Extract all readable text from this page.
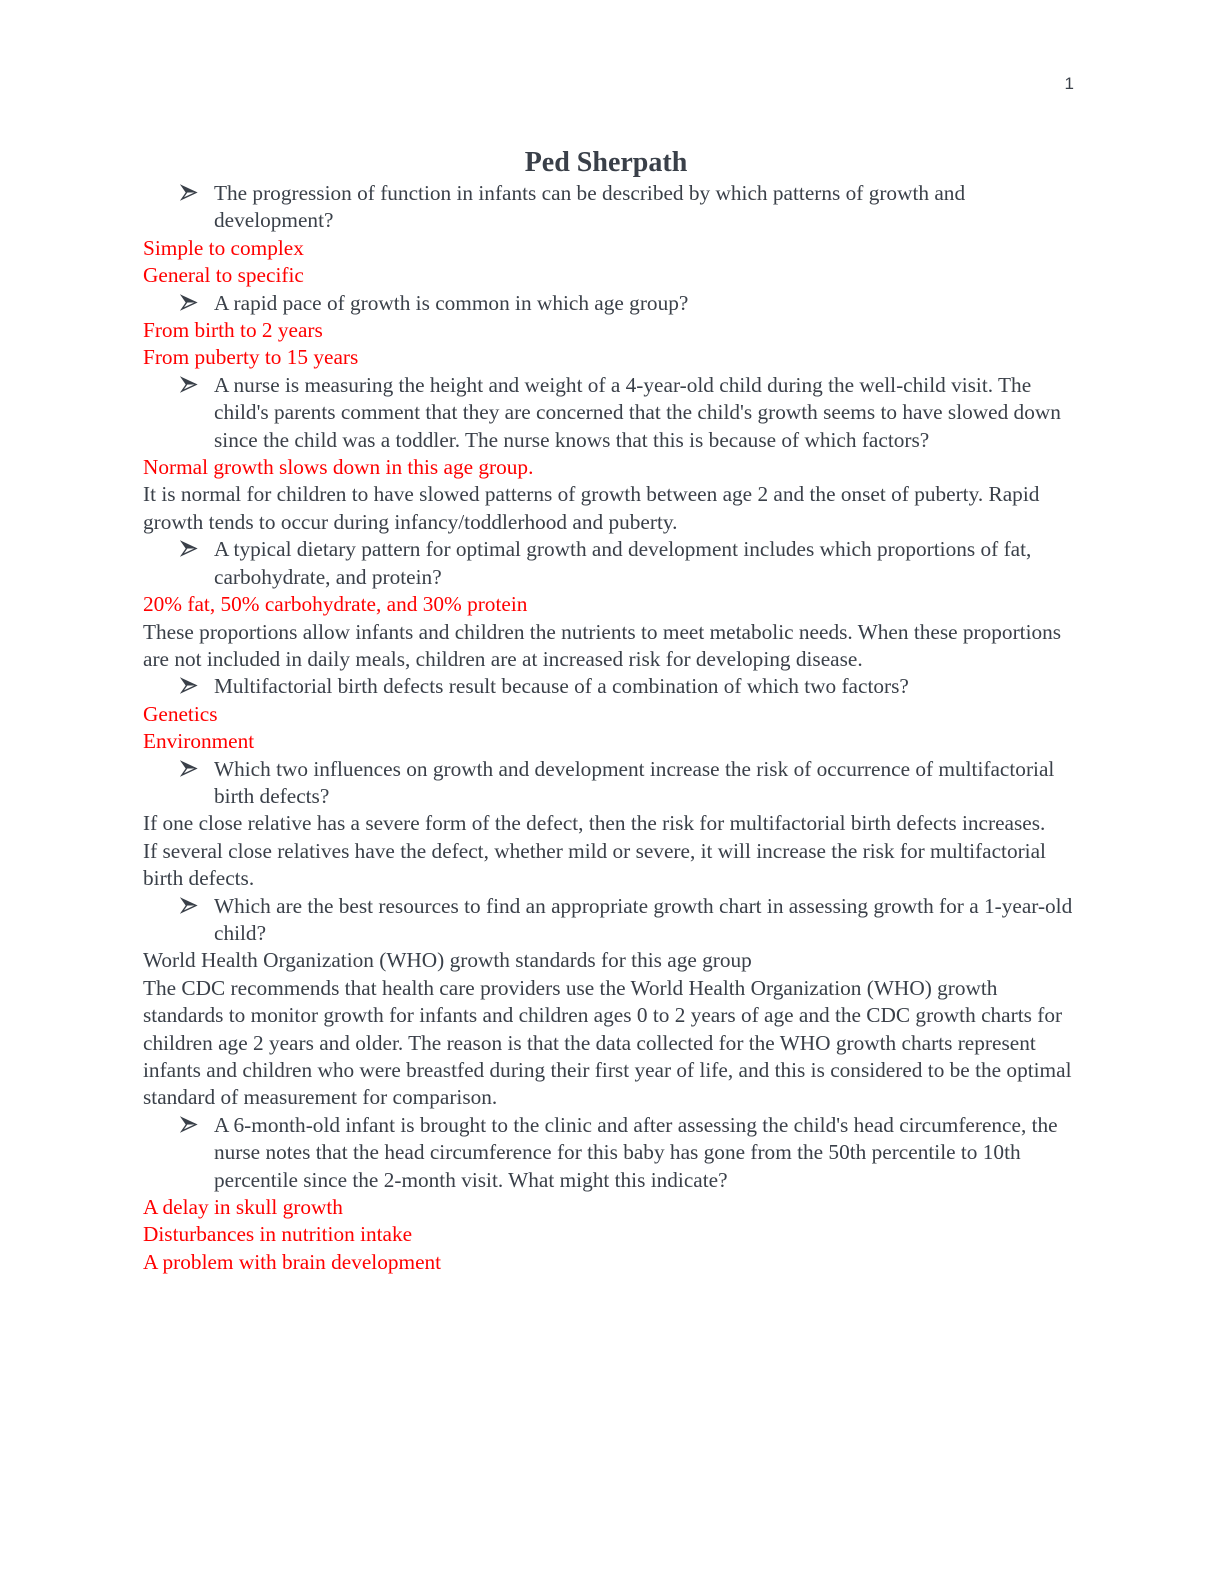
1
Ped Sherpath

The progression of function in infants can be described by which patterns of growth and development?

Simple to complex

General to specific

A rapid pace of growth is common in which age group?

From birth to 2 years

From puberty to 15 years

A nurse is measuring the height and weight of a 4-year-old child during the well-child visit. The child's parents comment that they are concerned that the child's growth seems to have slowed down since the child was a toddler. The nurse knows that this is because of which factors?

Normal growth slows down in this age group.

It is normal for children to have slowed patterns of growth between age 2 and the onset of puberty. Rapid growth tends to occur during infancy/toddlerhood and puberty.

A typical dietary pattern for optimal growth and development includes which proportions of fat, carbohydrate, and protein?

20% fat, 50% carbohydrate, and 30% protein

These proportions allow infants and children the nutrients to meet metabolic needs. When these proportions are not included in daily meals, children are at increased risk for developing disease.

Multifactorial birth defects result because of a combination of which two factors?

Genetics

Environment

Which two influences on growth and development increase the risk of occurrence of multifactorial birth defects?

If one close relative has a severe form of the defect, then the risk for multifactorial birth defects increases.

If several close relatives have the defect, whether mild or severe, it will increase the risk for multifactorial birth defects.

Which are the best resources to find an appropriate growth chart in assessing growth for a 1-year-old child?

World Health Organization (WHO) growth standards for this age group

The CDC recommends that health care providers use the World Health Organization (WHO) growth standards to monitor growth for infants and children ages 0 to 2 years of age and the CDC growth charts for children age 2 years and older. The reason is that the data collected for the WHO growth charts represent infants and children who were breastfed during their first year of life, and this is considered to be the optimal standard of measurement for comparison.

A 6-month-old infant is brought to the clinic and after assessing the child's head circumference, the nurse notes that the head circumference for this baby has gone from the 50th percentile to 10th percentile since the 2-month visit. What might this indicate?

A delay in skull growth

Disturbances in nutrition intake

A problem with brain development
